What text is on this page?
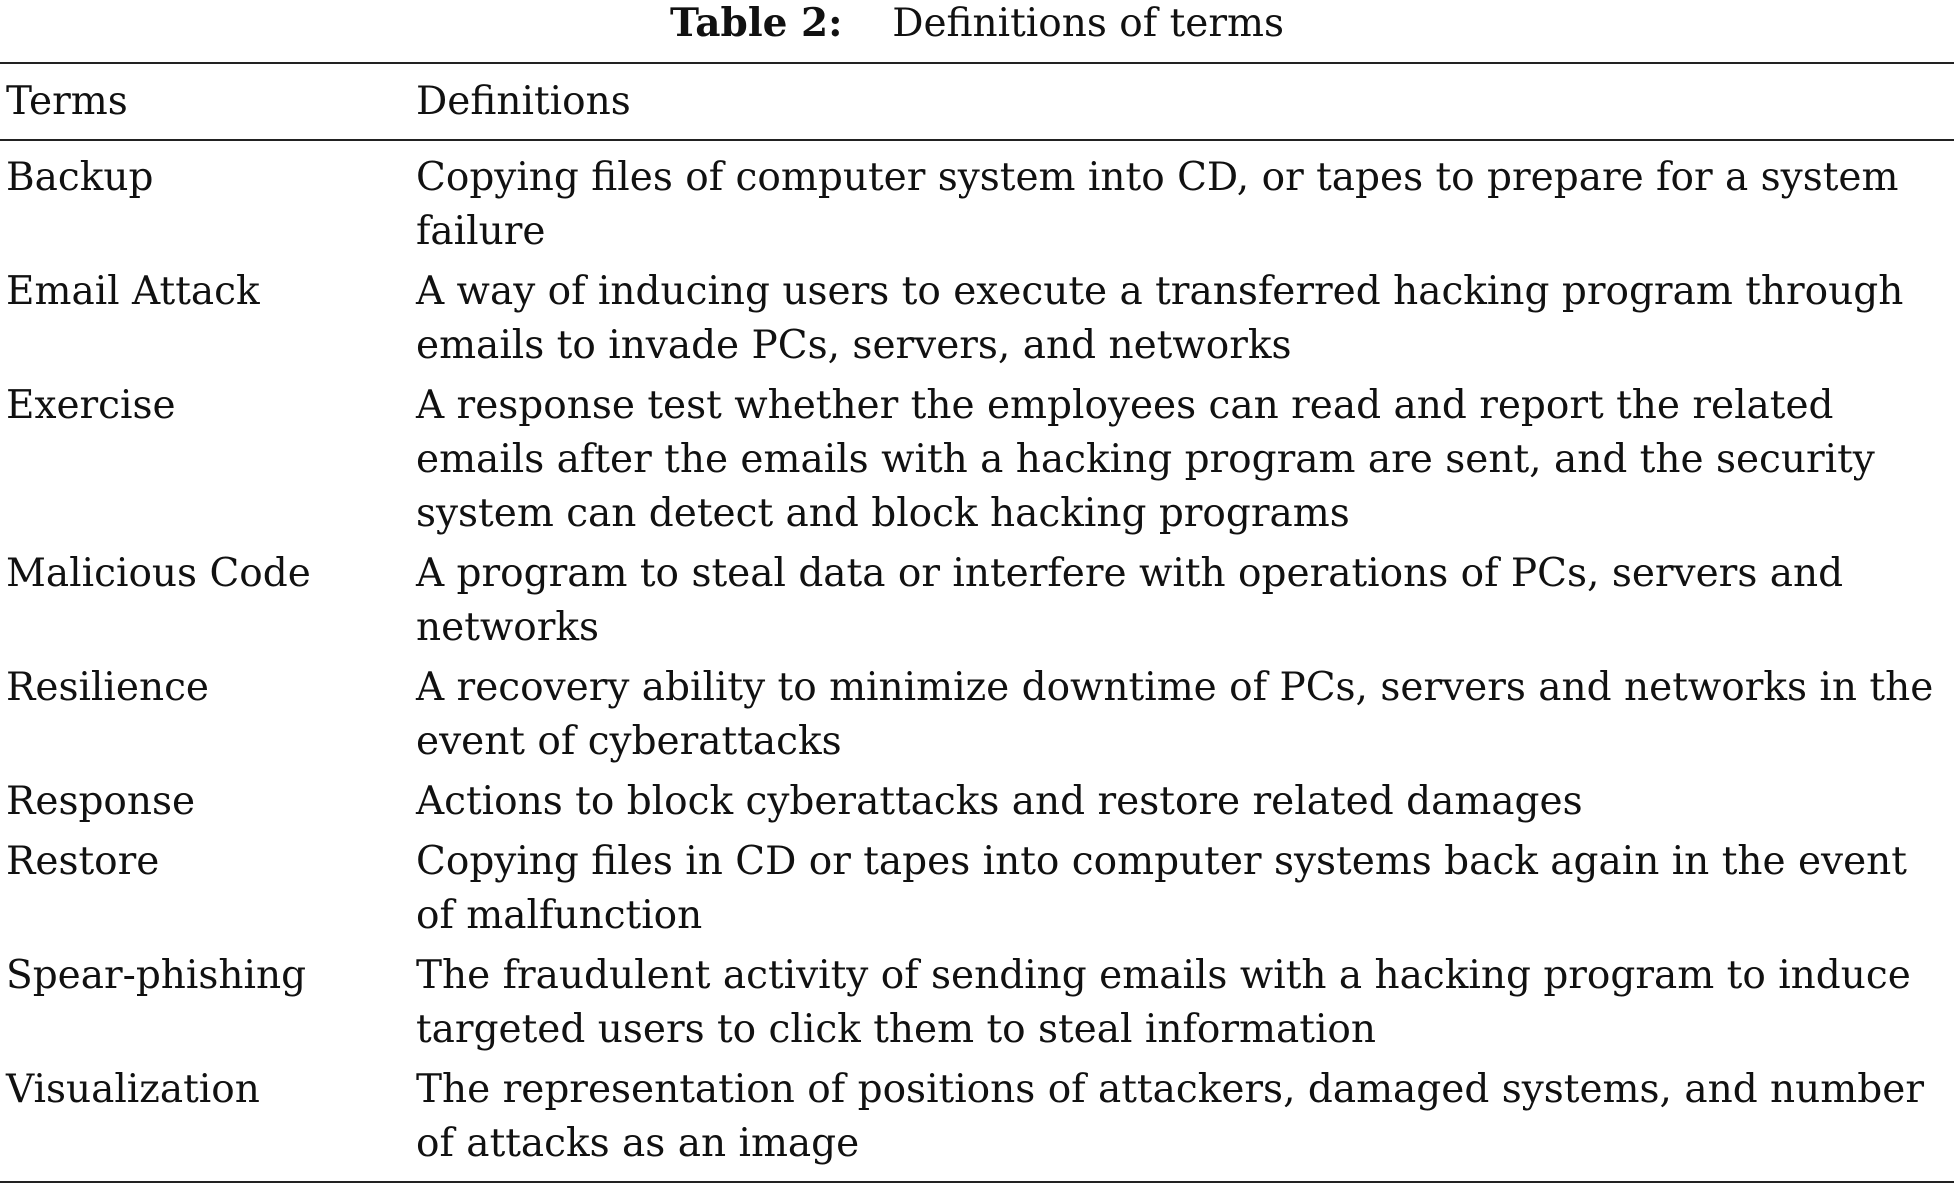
Table 2: Definitions of terms
Terms	Definitions
Backup	Copying files of computer system into CD, or tapes to prepare for a system failure
Email Attack	A way of inducing users to execute a transferred hacking program through emails to invade PCs, servers, and networks
Exercise	A response test whether the employees can read and report the related emails after the emails with a hacking program are sent, and the security system can detect and block hacking programs
Malicious Code	A program to steal data or interfere with operations of PCs, servers and networks
Resilience	A recovery ability to minimize downtime of PCs, servers and networks in the event of cyberattacks
Response	Actions to block cyberattacks and restore related damages
Restore	Copying files in CD or tapes into computer systems back again in the event of malfunction
Spear-phishing	The fraudulent activity of sending emails with a hacking program to induce targeted users to click them to steal information
Visualization	The representation of positions of attackers, damaged systems, and number of attacks as an image
